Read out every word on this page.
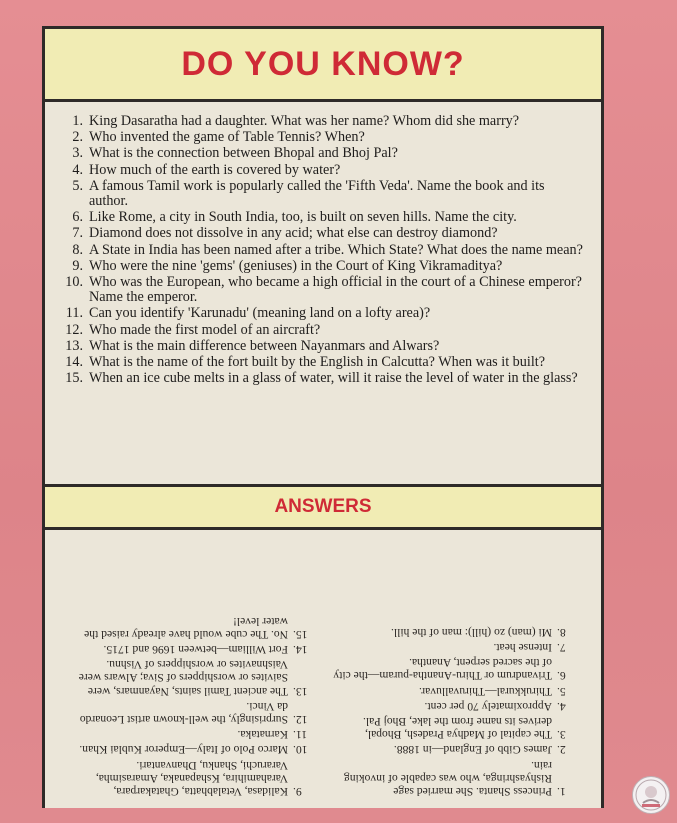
DO YOU KNOW?
1. King Dasaratha had a daughter. What was her name? Whom did she marry?
2. Who invented the game of Table Tennis? When?
3. What is the connection between Bhopal and Bhoj Pal?
4. How much of the earth is covered by water?
5. A famous Tamil work is popularly called the 'Fifth Veda'. Name the book and its author.
6. Like Rome, a city in South India, too, is built on seven hills. Name the city.
7. Diamond does not dissolve in any acid; what else can destroy diamond?
8. A State in India has been named after a tribe. Which State? What does the name mean?
9. Who were the nine 'gems' (geniuses) in the Court of King Vikramaditya?
10. Who was the European, who became a high official in the court of a Chinese emperor? Name the emperor.
11. Can you identify 'Karunadu' (meaning land on a lofty area)?
12. Who made the first model of an aircraft?
13. What is the main difference between Nayanmars and Alwars?
14. What is the name of the fort built by the English in Calcutta? When was it built?
15. When an ice cube melts in a glass of water, will it raise the level of water in the glass?
ANSWERS
1.
Princess Shanta. She married sage Rishyashringa, who was capable of invoking rain.
2.
James Gibb of England—in 1888.
3.
The capital of Madhya Pradesh, Bhopal, derives its name from the lake, Bhoj Pal.
4.
Approximately 70 per cent.
5.
Thirukkural—Thiruvalluvar.
6.
Trivandrum or Thiru-Anantha-puram—the city of the sacred serpent, Anantha.
7.
Intense heat.
8.
Mi (man) zo (hill): man of the hill.
9.
Kalidasa, Vetalabhatta, Ghatakarpara, Varahamihira, Kshapanaka, Amarasimha, Vararuchi, Shanku, Dhanvantari.
10.
Marco Polo of Italy—Emperor Kublai Khan.
11.
Karnataka.
12.
Surprisingly, the well-known artist Leonardo da Vinci.
13.
The ancient Tamil saints, Nayanmars, were Saivites or worshippers of Siva; Alwars were Vaishnavites or worshippers of Vishnu.
14.
Fort William—between 1696 and 1715.
15.
No. The cube would have already raised the water level!
